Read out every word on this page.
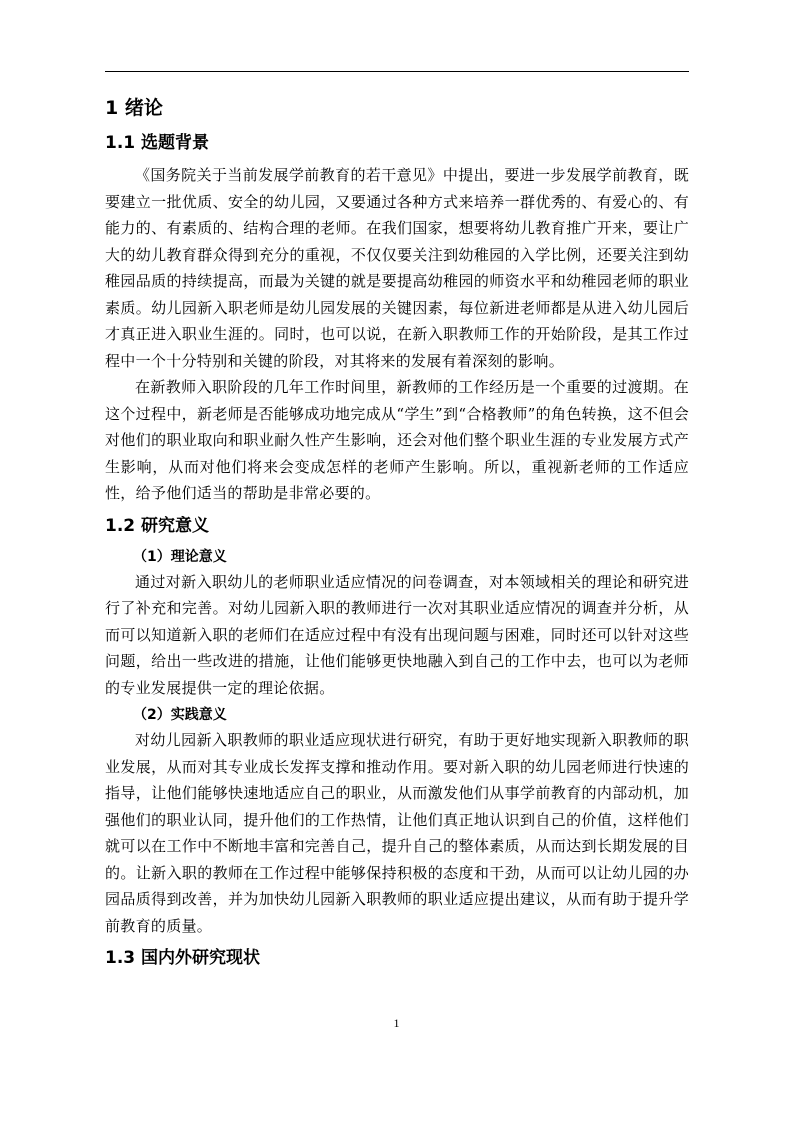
1 绪论
1.1 选题背景

《国务院关于当前发展学前教育的若干意见》中提出，要进一步发展学前教育，既要建立一批优质、安全的幼儿园，又要通过各种方式来培养一群优秀的、有爱心的、有能力的、有素质的、结构合理的老师。在我们国家，想要将幼儿教育推广开来，要让广大的幼儿教育群众得到充分的重视，不仅仅要关注到幼稚园的入学比例，还要关注到幼稚园品质的持续提高，而最为关键的就是要提高幼稚园的师资水平和幼稚园老师的职业素质。幼儿园新入职老师是幼儿园发展的关键因素，每位新进老师都是从进入幼儿园后才真正进入职业生涯的。同时，也可以说，在新入职教师工作的开始阶段，是其工作过程中一个十分特别和关键的阶段，对其将来的发展有着深刻的影响。

在新教师入职阶段的几年工作时间里，新教师的工作经历是一个重要的过渡期。在这个过程中，新老师是否能够成功地完成从“学生”到“合格教师”的角色转换，这不但会对他们的职业取向和职业耐久性产生影响，还会对他们整个职业生涯的专业发展方式产生影响，从而对他们将来会变成怎样的老师产生影响。所以，重视新老师的工作适应性，给予他们适当的帮助是非常必要的。

1.2 研究意义
（1）理论意义

通过对新入职幼儿的老师职业适应情况的问卷调查，对本领域相关的理论和研究进行了补充和完善。对幼儿园新入职的教师进行一次对其职业适应情况的调查并分析，从而可以知道新入职的老师们在适应过程中有没有出现问题与困难，同时还可以针对这些问题，给出一些改进的措施，让他们能够更快地融入到自己的工作中去，也可以为老师的专业发展提供一定的理论依据。

（2）实践意义

对幼儿园新入职教师的职业适应现状进行研究，有助于更好地实现新入职教师的职业发展，从而对其专业成长发挥支撑和推动作用。要对新入职的幼儿园老师进行快速的指导，让他们能够快速地适应自己的职业，从而激发他们从事学前教育的内部动机，加强他们的职业认同，提升他们的工作热情，让他们真正地认识到自己的价值，这样他们就可以在工作中不断地丰富和完善自己，提升自己的整体素质，从而达到长期发展的目的。让新入职的教师在工作过程中能够保持积极的态度和干劲，从而可以让幼儿园的办园品质得到改善，并为加快幼儿园新入职教师的职业适应提出建议，从而有助于提升学前教育的质量。

1.3 国内外研究现状
1
